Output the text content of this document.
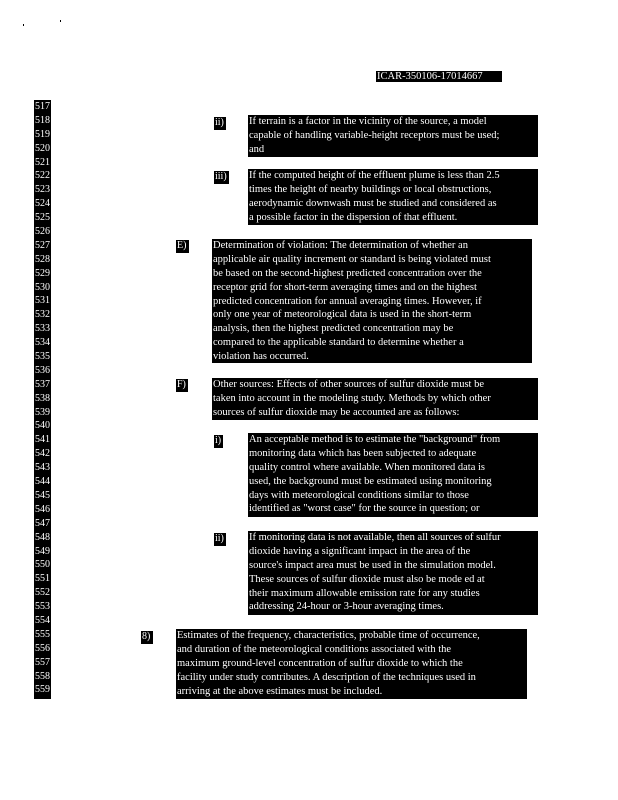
ICAR-350106-17014667
517
518
519
520
521
522
523
524
525
526
527
528
529
530
531
532
533
534
535
536
537
538
539
540
541
542
543
544
545
546
547
548
549
550
551
552
553
554
555
556
557
558
559
ii) If terrain is a factor in the vicinity of the source, a model
capable of handling variable-height receptors must be used;
and
iii) If the computed height of the effluent plume is less than 2.5
times the height of nearby buildings or local obstructions,
aerodynamic downwash must be studied and considered as
a possible factor in the dispersion of that effluent.
E)	Determination of violation: The determination of whether an
applicable air quality increment or standard is being violated must
be based on the second-highest predicted concentration over the
receptor grid for short-term averaging times and on the highest
predicted concentration for annual averaging times. However, if
only one year of meteorological data is used in the short-term
analysis, then the highest predicted concentration may be
compared to the applicable standard to determine whether a
violation has occurred.
F)	Other sources: Effects of other sources of sulfur dioxide must be
taken into account in the modeling study. Methods by which other
sources of sulfur dioxide may be accounted are as follows:
i)	An acceptable method is to estimate the "background" from
monitoring data which has been subjected to adequate
quality control where available. When monitored data is
used, the background must be estimated using monitoring
days with meteorological conditions similar to those
identified as "worst case" for the source in question; or
ii) If monitoring data is not available, then all sources of sulfur
dioxide having a significant impact in the area of the
source's impact area must be used in the simulation model.
These sources of sulfur dioxide must also be mode ed at
their maximum allowable emission rate for any studies
addressing 24-hour or 3-hour averaging times.
8)	Estimates of the frequency, characteristics, probable time of occurrence,
and duration of the meteorological conditions associated with the
maximum ground-level concentration of sulfur dioxide to which the
facility under study contributes. A description of the techniques used in
arriving at the above estimates must be included.
